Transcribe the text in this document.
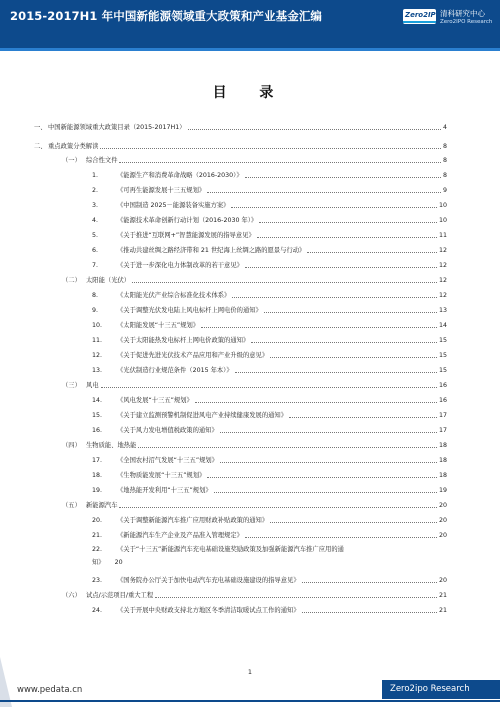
2015-2017H1 年中国新能源领域重大政策和产业基金汇编	Zero2IPO
清科研究中心
Zero2IPO Research
目 录
一、 中国新能源领域重大政策目录（2015-2017H1）	4
二、 重点政策分类解读	8
（一） 综合性文件	8
1.	《能源生产和消费革命战略（2016-2030）》	8
2.	《可再生能源发展十三五规划》	9
3.	《中国制造 2025－能源装备实施方案》	10
4.	《能源技术革命创新行动计划（2016-2030 年）》	10
5.	《关于推进“互联网+”智慧能源发展的指导意见》	11
6.	《推动共建丝绸之路经济带和 21 世纪海上丝绸之路的愿景与行动》	12
7.	《关于进一步深化电力体制改革的若干意见》	12
（二） 太阳能（光伏）	12
8.	《太阳能光伏产业综合标准化技术体系》	12
9.	《关于调整光伏发电陆上风电标杆上网电价的通知》	13
10.	《太阳能发展“十三五”规划》	14
11.	《关于太阳能热发电标杆上网电价政策的通知》	15
12.	《关于促进先进光伏技术产品应用和产业升级的意见》	15
13.	《光伏制造行业规范条件（2015 年本）》	15
（三） 风电	16
14.	《风电发展“十三五”规划》	16
15.	《关于建立监测预警机制促进风电产业持续健康发展的通知》	17
16.	《关于风力发电增值税政策的通知》	17
（四） 生物质能、地热能	18
17.	《全国农村沼气发展“十三五”规划》	18
18.	《生物质能发展“十三五”规划》	18
19.	《地热能开发利用“十三五”规划》	19
（五） 新能源汽车	20
20.	《关于调整新能源汽车推广应用财政补贴政策的通知》	20
21.	《新能源汽车生产企业及产品准入管理规定》	20
22. 《关于“十三五”新能源汽车充电基础设施奖励政策及加强新能源汽车推广应用的通
知》 20
23.	《国务院办公厅关于加快电动汽车充电基础设施建设的指导意见》	20
（六） 试点/示范项目/重大工程	21
24.	《关于开展中央财政支持北方地区冬季清洁取暖试点工作的通知》	21
1
www.pedata.cn	Zero2ipo Research
